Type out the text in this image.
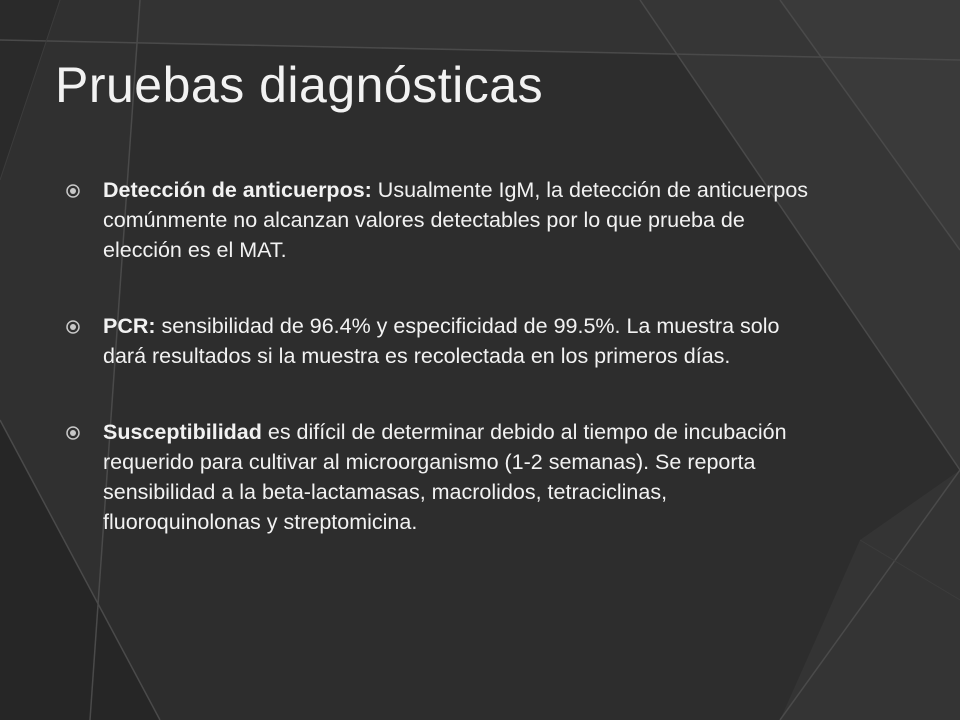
Pruebas diagnósticas

Detección de anticuerpos: Usualmente IgM, la detección de anticuerpos comúnmente no alcanzan valores detectables por lo que prueba de elección es el MAT.

PCR: sensibilidad de 96.4% y especificidad de 99.5%. La muestra solo dará resultados si la muestra es recolectada en los primeros días.

Susceptibilidad es difícil de determinar debido al tiempo de incubación requerido para cultivar al microorganismo (1-2 semanas). Se reporta sensibilidad a la beta-lactamasas, macrolidos, tetraciclinas, fluoroquinolonas y streptomicina.
